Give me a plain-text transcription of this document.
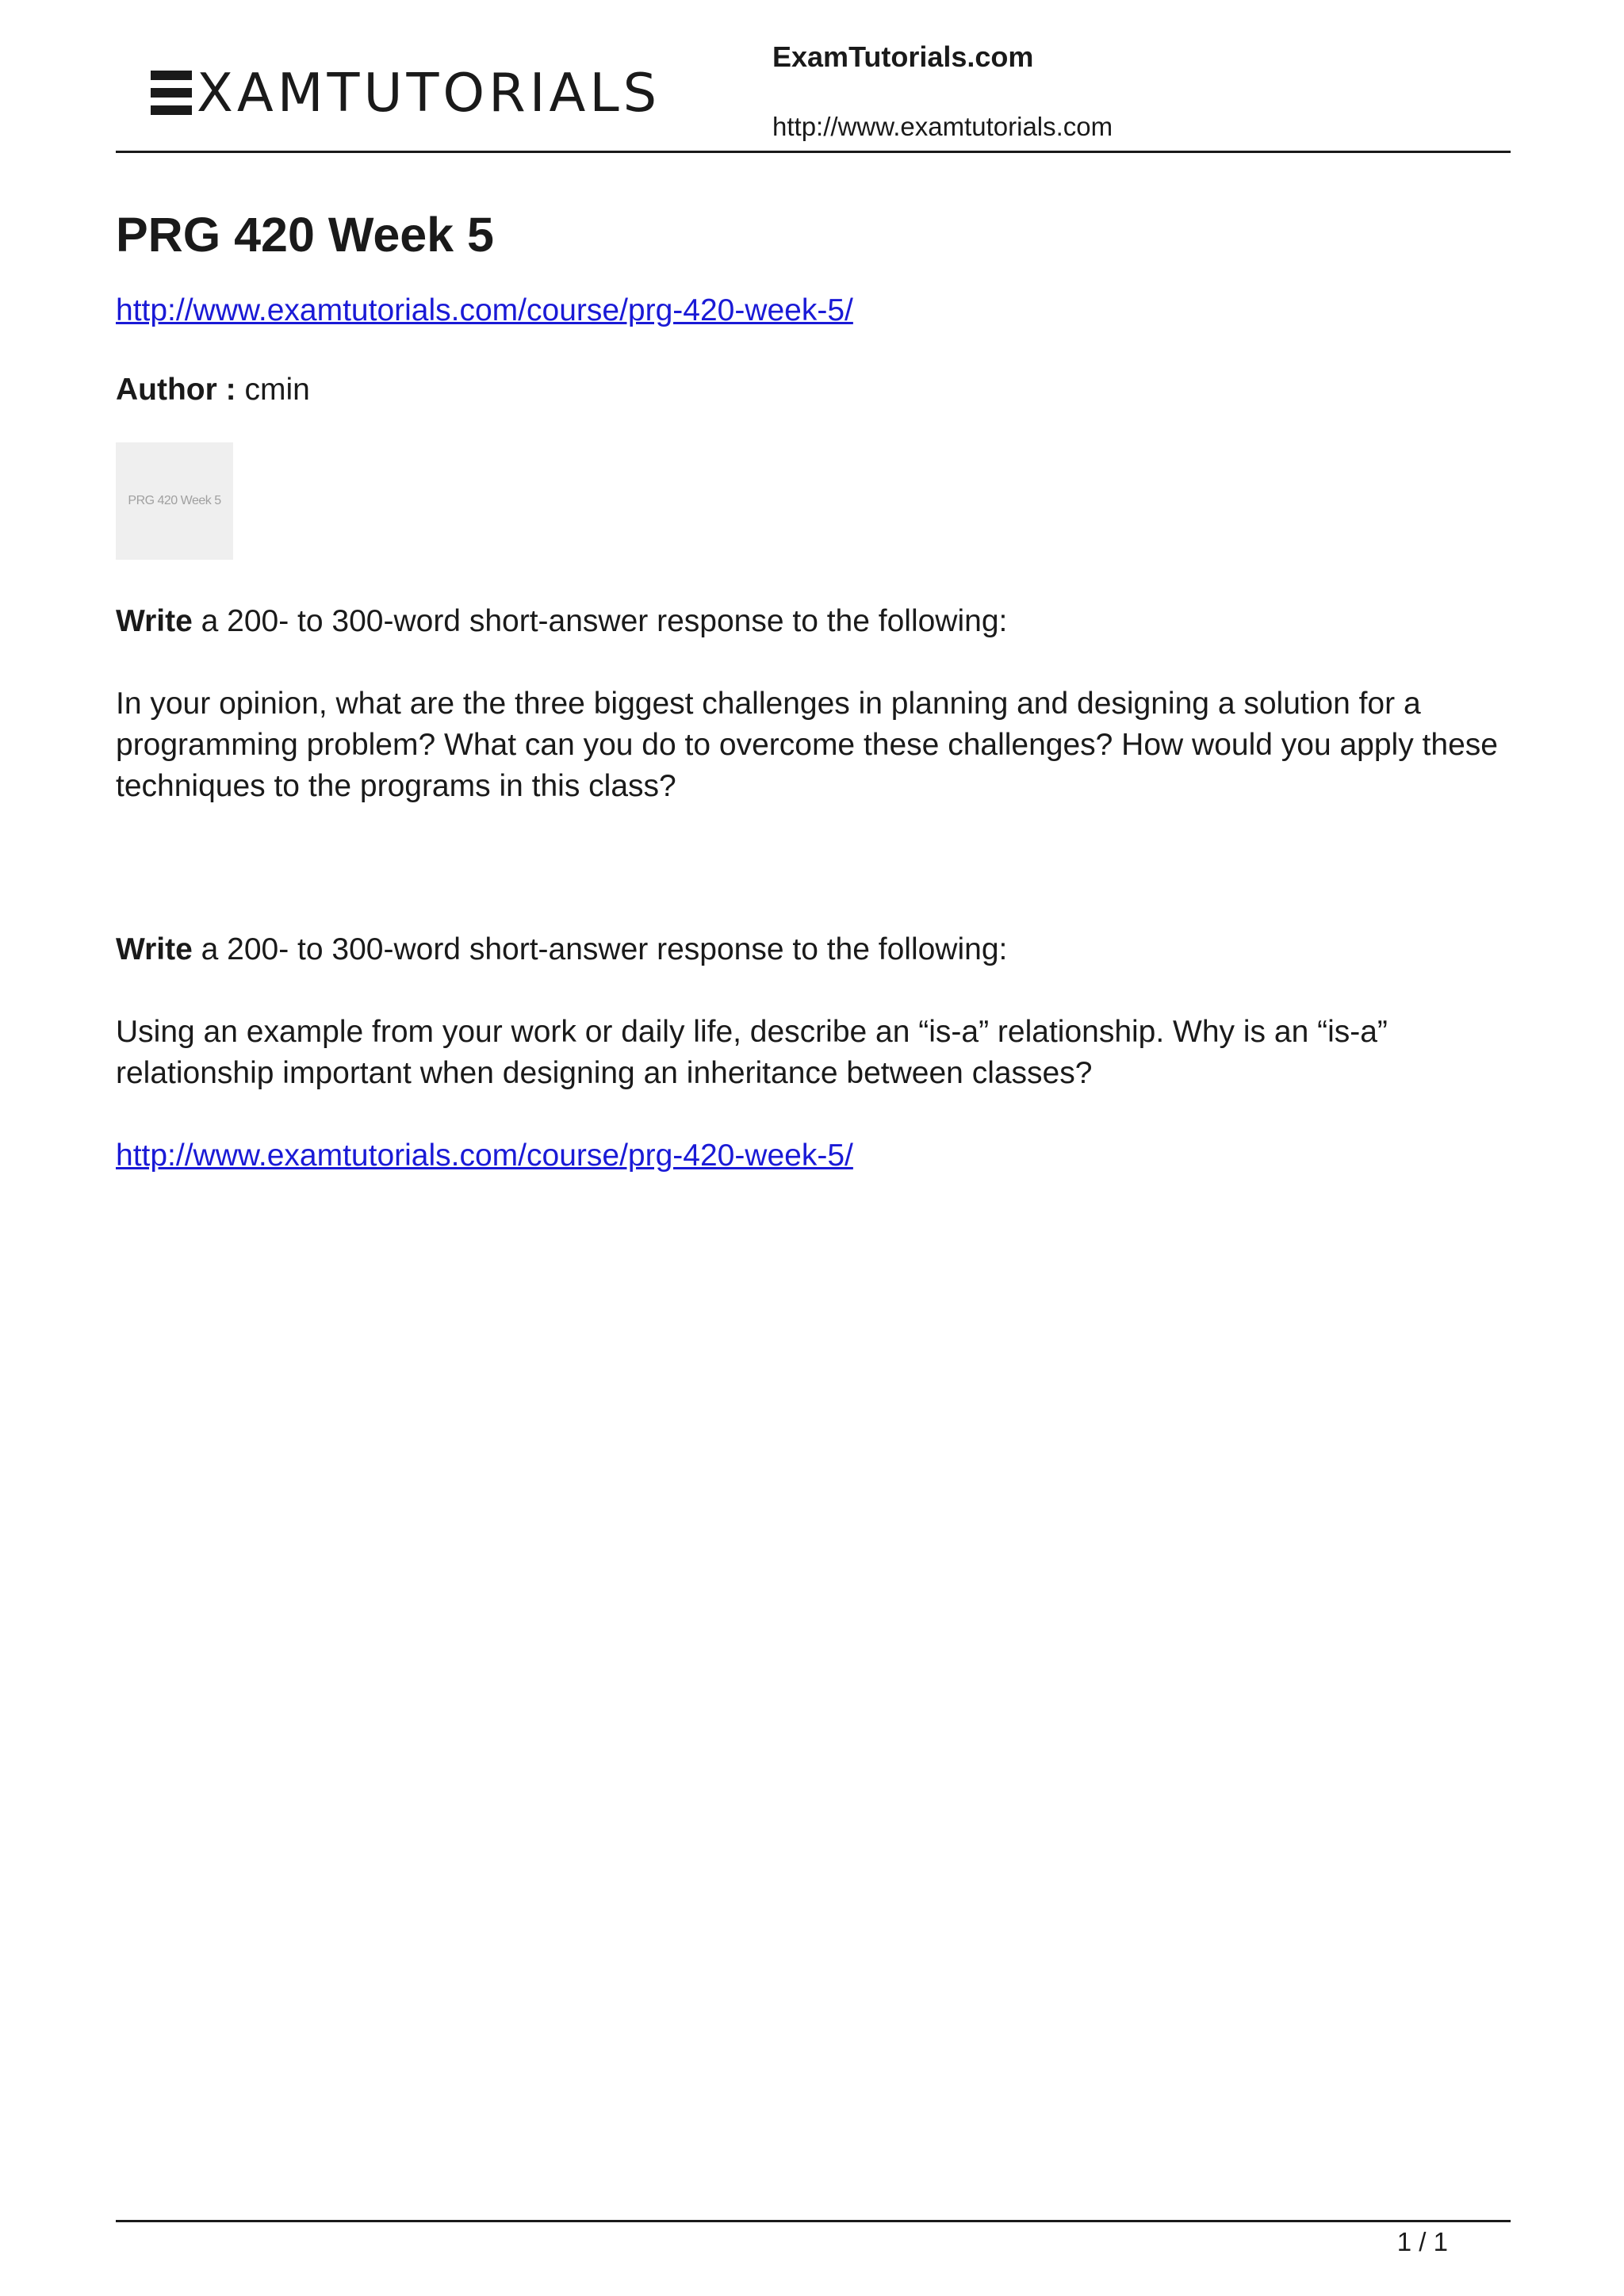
XAMTUTORIALS
ExamTutorials.com
http://www.examtutorials.com
PRG 420 Week 5
http://www.examtutorials.com/course/prg-420-week-5/
Author : cmin
PRG 420 Week 5

Write a 200- to 300-word short-answer response to the following:

In your opinion, what are the three biggest challenges in planning and designing a solution for a programming problem? What can you do to overcome these challenges? How would you apply these techniques to the programs in this class?

Write a 200- to 300-word short-answer response to the following:

Using an example from your work or daily life, describe an “is-a” relationship. Why is an “is-a” relationship important when designing an inheritance between classes?

http://www.examtutorials.com/course/prg-420-week-5/
1 / 1
